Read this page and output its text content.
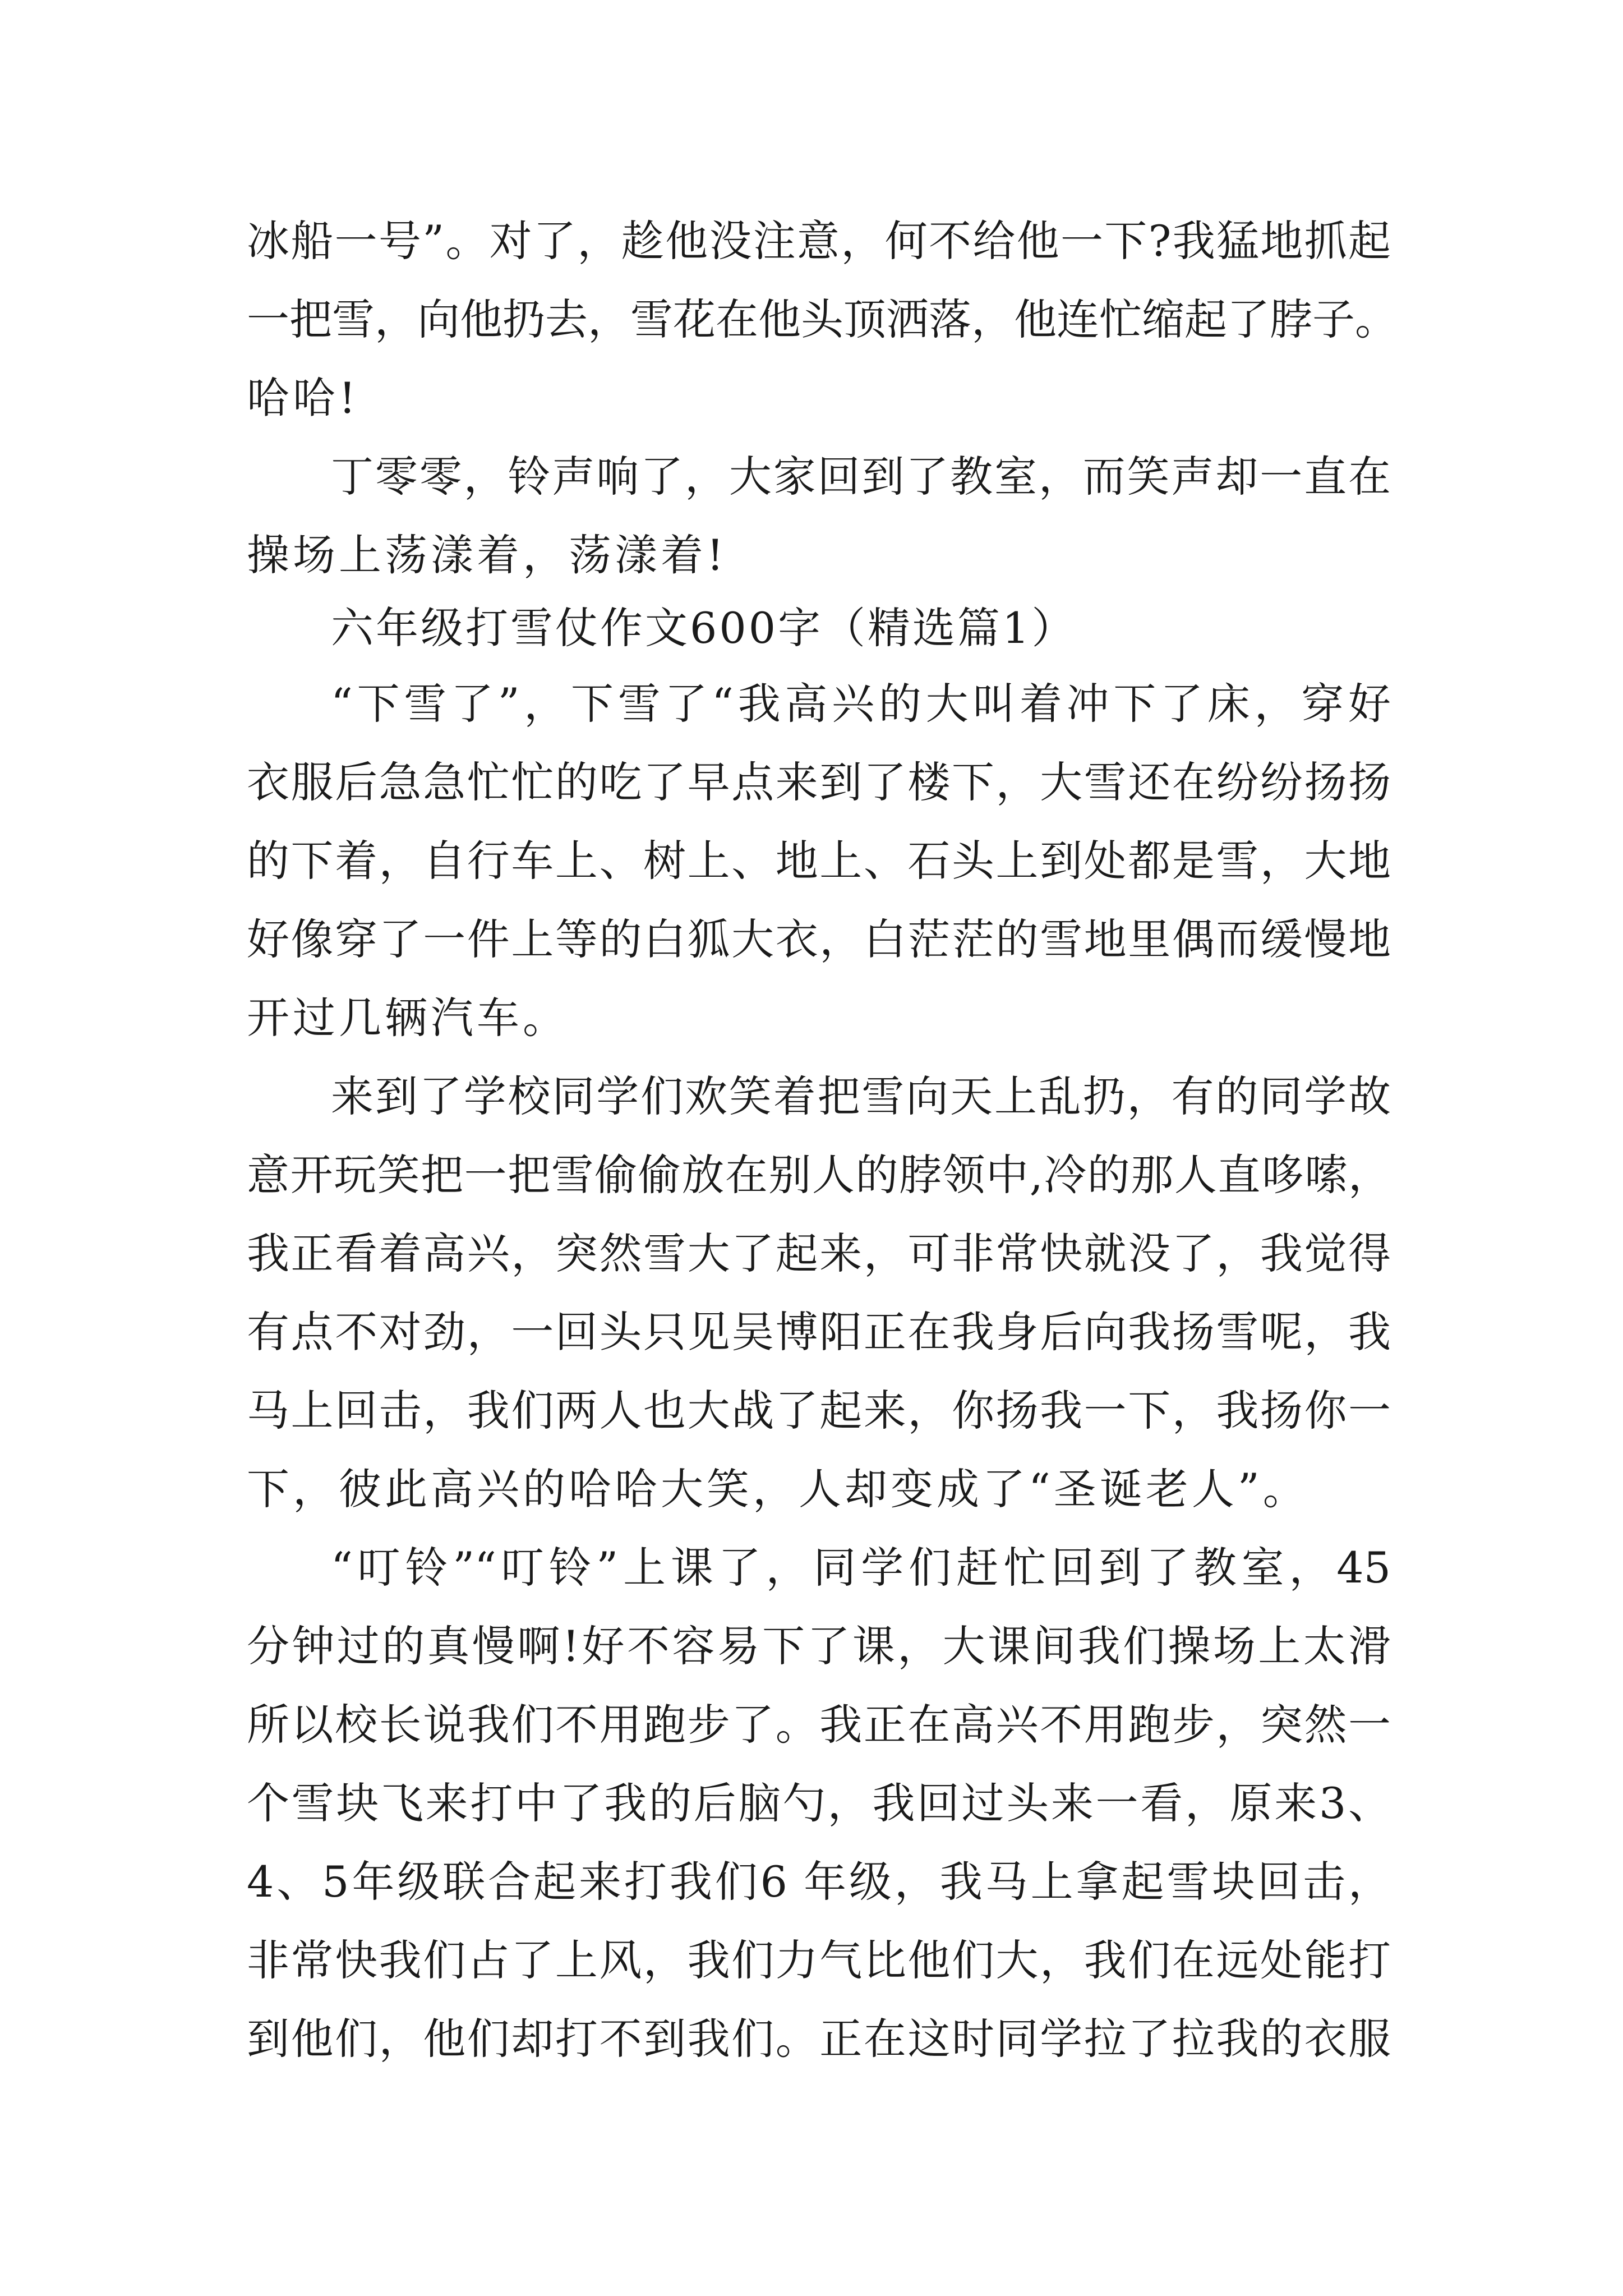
冰船一号”。对了，趁他没注意，何不给他一下?我猛地抓起
一把雪，向他扔去，雪花在他头顶洒落，他连忙缩起了脖子。
哈哈!
丁零零，铃声响了，大家回到了教室，而笑声却一直在
操场上荡漾着，荡漾着!
六年级打雪仗作文600字（精选篇1）
“下雪了”，下雪了“我高兴的大叫着冲下了床，穿好
衣服后急急忙忙的吃了早点来到了楼下，大雪还在纷纷扬扬
的下着，自行车上、树上、地上、石头上到处都是雪，大地
好像穿了一件上等的白狐大衣，白茫茫的雪地里偶而缓慢地
开过几辆汽车。
来到了学校同学们欢笑着把雪向天上乱扔，有的同学故
意开玩笑把一把雪偷偷放在别人的脖领中,冷的那人直哆嗦，
我正看着高兴，突然雪大了起来，可非常快就没了，我觉得
有点不对劲，一回头只见吴博阳正在我身后向我扬雪呢，我
马上回击，我们两人也大战了起来，你扬我一下，我扬你一
下，彼此高兴的哈哈大笑，人却变成了“圣诞老人”。
“叮铃”“叮铃”上课了，同学们赶忙回到了教室，45
分钟过的真慢啊!好不容易下了课，大课间我们操场上太滑
所以校长说我们不用跑步了。我正在高兴不用跑步，突然一
个雪块飞来打中了我的后脑勺，我回过头来一看，原来3、
4、5年级联合起来打我们6 年级，我马上拿起雪块回击，
非常快我们占了上风，我们力气比他们大，我们在远处能打
到他们，他们却打不到我们。正在这时同学拉了拉我的衣服
